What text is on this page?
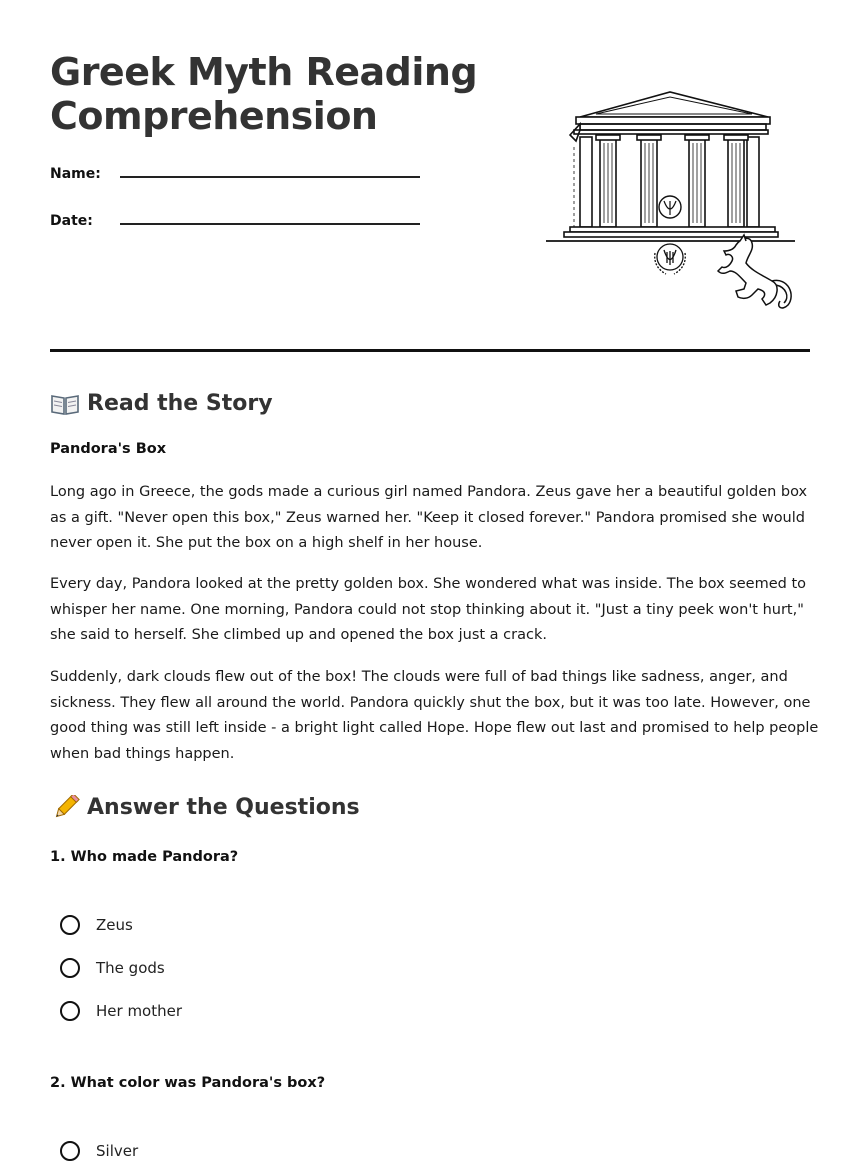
Greek Myth Reading
Comprehension
Name:
Date:
Read the Story
Pandora's Box

Long ago in Greece, the gods made a curious girl named Pandora. Zeus gave her a beautiful golden box as a gift. "Never open this box," Zeus warned her. "Keep it closed forever." Pandora promised she would never open it. She put the box on a high shelf in her house.

Every day, Pandora looked at the pretty golden box. She wondered what was inside. The box seemed to whisper her name. One morning, Pandora could not stop thinking about it. "Just a tiny peek won't hurt," she said to herself. She climbed up and opened the box just a crack.

Suddenly, dark clouds flew out of the box! The clouds were full of bad things like sadness, anger, and sickness. They flew all around the world. Pandora quickly shut the box, but it was too late. However, one good thing was still left inside - a bright light called Hope. Hope flew out last and promised to help people when bad things happen.

Answer the Questions
1. Who made Pandora?
Zeus
The gods
Her mother
2. What color was Pandora's box?
Silver
